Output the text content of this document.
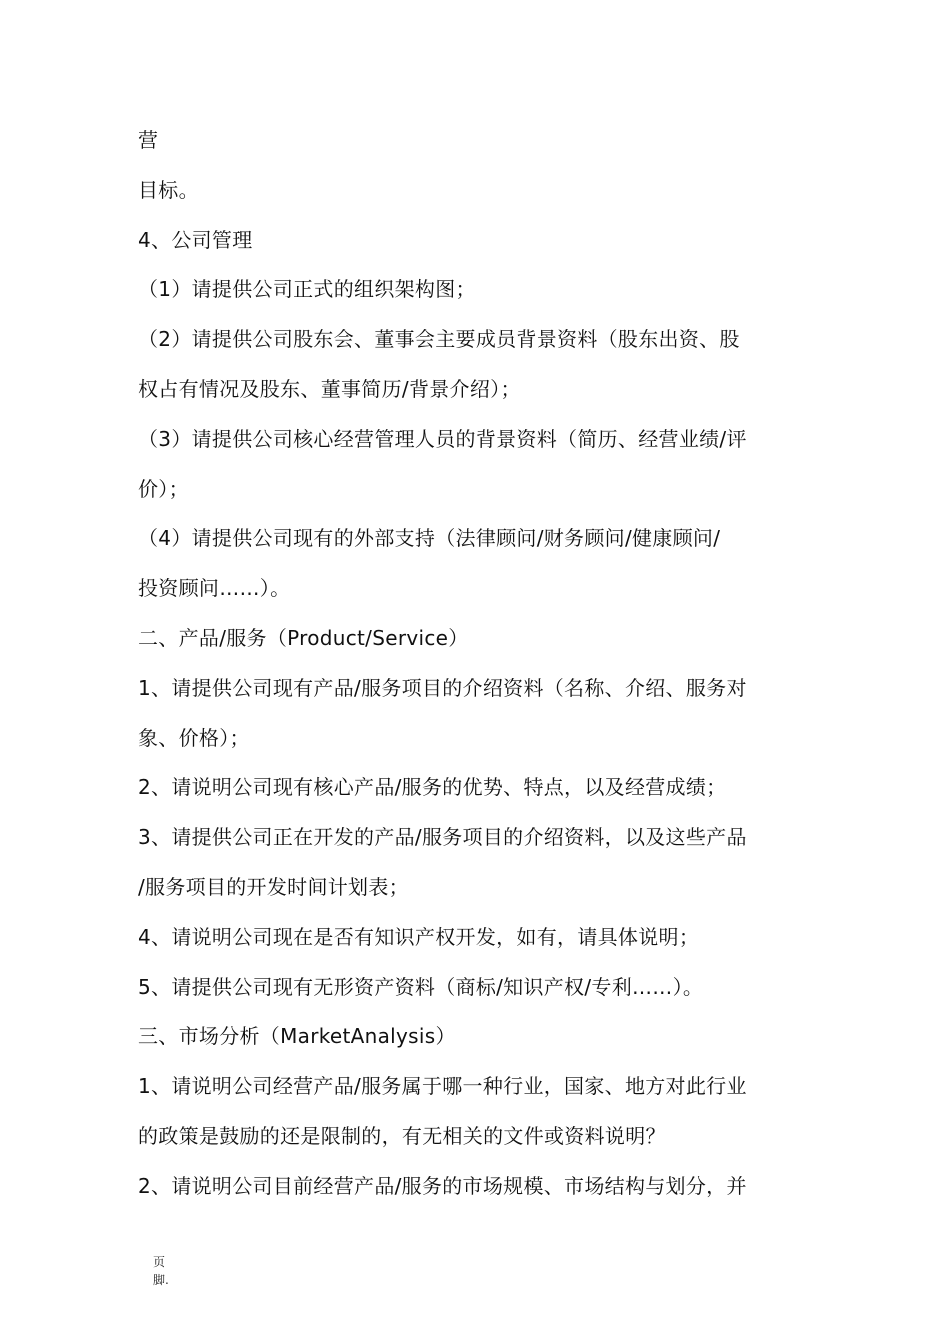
营
目标。
4、公司管理
（1）请提供公司正式的组织架构图；
（2）请提供公司股东会、董事会主要成员背景资料（股东出资、股
权占有情况及股东、董事简历/背景介绍）；
（3）请提供公司核心经营管理人员的背景资料（简历、经营业绩/评
价）；
（4）请提供公司现有的外部支持（法律顾问/财务顾问/健康顾问/
投资顾问……）。
二、产品/服务（Product/Service）
1、请提供公司现有产品/服务项目的介绍资料（名称、介绍、服务对
象、价格）；
2、请说明公司现有核心产品/服务的优势、特点，以及经营成绩；
3、请提供公司正在开发的产品/服务项目的介绍资料，以及这些产品
/服务项目的开发时间计划表；
4、请说明公司现在是否有知识产权开发，如有，请具体说明；
5、请提供公司现有无形资产资料（商标/知识产权/专利……）。
三、市场分析（MarketAnalysis）
1、请说明公司经营产品/服务属于哪一种行业，国家、地方对此行业
的政策是鼓励的还是限制的，有无相关的文件或资料说明？
2、请说明公司目前经营产品/服务的市场规模、市场结构与划分，并
页
脚.
